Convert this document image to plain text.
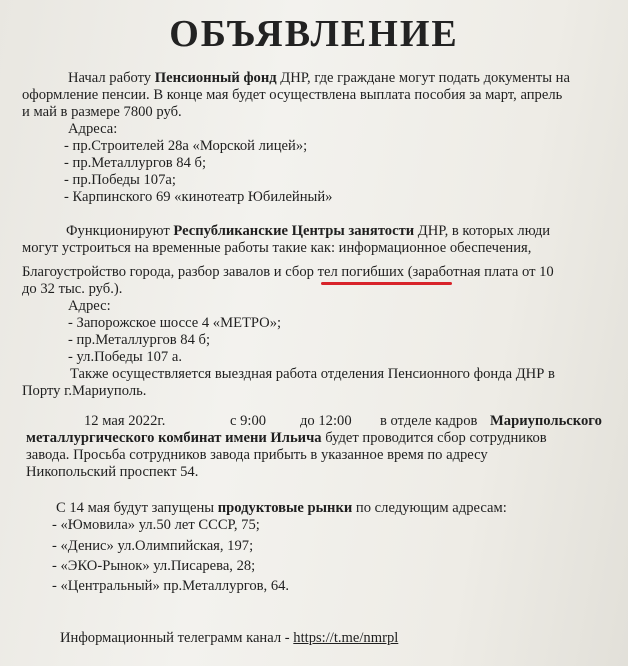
ОБЪЯВЛЕНИЕ
Начал работу Пенсионный фонд ДНР, где граждане могут подать документы на
оформление пенсии. В конце мая будет осуществлена выплата пособия за март, апрель
и май в размере 7800 руб.
Адреса:
- пр.Строителей 28а «Морской лицей»;
- пр.Металлургов 84 б;
- пр.Победы 107а;
- Карпинского 69 «кинотеатр Юбилейный»
Функционируют Республиканские Центры занятости ДНР, в которых люди
могут устроиться на временные работы такие как: информационное обеспечения,
Благоустройство города, разбор завалов и сбор тел погибших (заработная плата от 10
до 32 тыс. руб.).
Адрес:
- Запорожское шоссе 4 «МЕТРО»;
- пр.Металлургов 84 б;
- ул.Победы 107 а.
Также осуществляется выездная работа отделения Пенсионного фонда ДНР в
Порту г.Мариуполь.
12 мая 2022г.	с 9:00 до 12:00 в отделе кадров Мариупольского
металлургического комбинат имени Ильича будет проводится сбор сотрудников
завода. Просьба сотрудников завода прибыть в указанное время по адресу
Никопольский проспект 54.
С 14 мая будут запущены продуктовые рынки по следующим адресам:
- «Юмовила» ул.50 лет СССР, 75;
- «Денис» ул.Олимпийская, 197;
- «ЭКО-Рынок» ул.Писарева, 28;
- «Центральный» пр.Металлургов, 64.
Информационный телеграмм канал - https://t.me/nmrpl
